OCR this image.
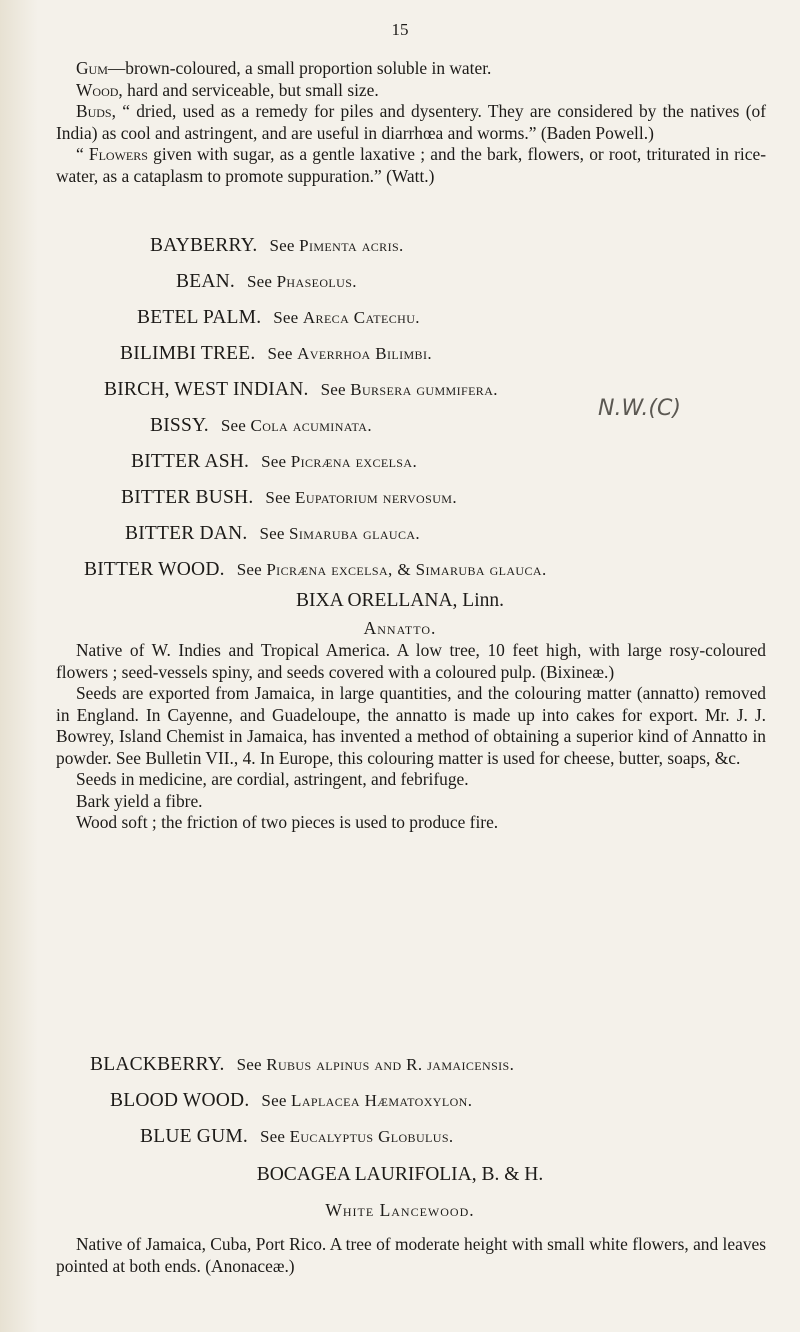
15

Gum—brown-coloured, a small proportion soluble in water.

Wood, hard and serviceable, but small size.

Buds, “ dried, used as a remedy for piles and dysentery. They are considered by the natives (of India) as cool and astringent, and are useful in diarrhœa and worms.” (Baden Powell.)

“ Flowers given with sugar, as a gentle laxative ; and the bark, flowers, or root, triturated in rice-water, as a cataplasm to promote suppuration.” (Watt.)

BAYBERRY. See Pimenta acris.
BEAN. See Phaseolus.
BETEL PALM. See Areca Catechu.
BILIMBI TREE. See Averrhoa Bilimbi.
BIRCH, WEST INDIAN. See Bursera gummifera.
BISSY. See Cola acuminata.
BITTER ASH. See Picræna excelsa.
BITTER BUSH. See Eupatorium nervosum.
BITTER DAN. See Simaruba glauca.
BITTER WOOD. See Picræna excelsa, & Simaruba glauca.
BIXA ORELLANA, Linn.
Annatto.
N.W.(C)

Native of W. Indies and Tropical America. A low tree, 10 feet high, with large rosy-coloured flowers ; seed-vessels spiny, and seeds covered with a coloured pulp. (Bixineæ.)

Seeds are exported from Jamaica, in large quantities, and the colouring matter (annatto) removed in England. In Cayenne, and Guadeloupe, the annatto is made up into cakes for export. Mr. J. J. Bowrey, Island Chemist in Jamaica, has invented a method of obtaining a superior kind of Annatto in powder. See Bulletin VII., 4. In Europe, this colouring matter is used for cheese, butter, soaps, &c.

Seeds in medicine, are cordial, astringent, and febrifuge.

Bark yield a fibre.

Wood soft ; the friction of two pieces is used to produce fire.

BLACKBERRY. See Rubus alpinus and R. jamaicensis.
BLOOD WOOD. See Laplacea Hæmatoxylon.
BLUE GUM. See Eucalyptus Globulus.
BOCAGEA LAURIFOLIA, B. & H.
White Lancewood.

Native of Jamaica, Cuba, Port Rico. A tree of moderate height with small white flowers, and leaves pointed at both ends. (Anonaceæ.)
